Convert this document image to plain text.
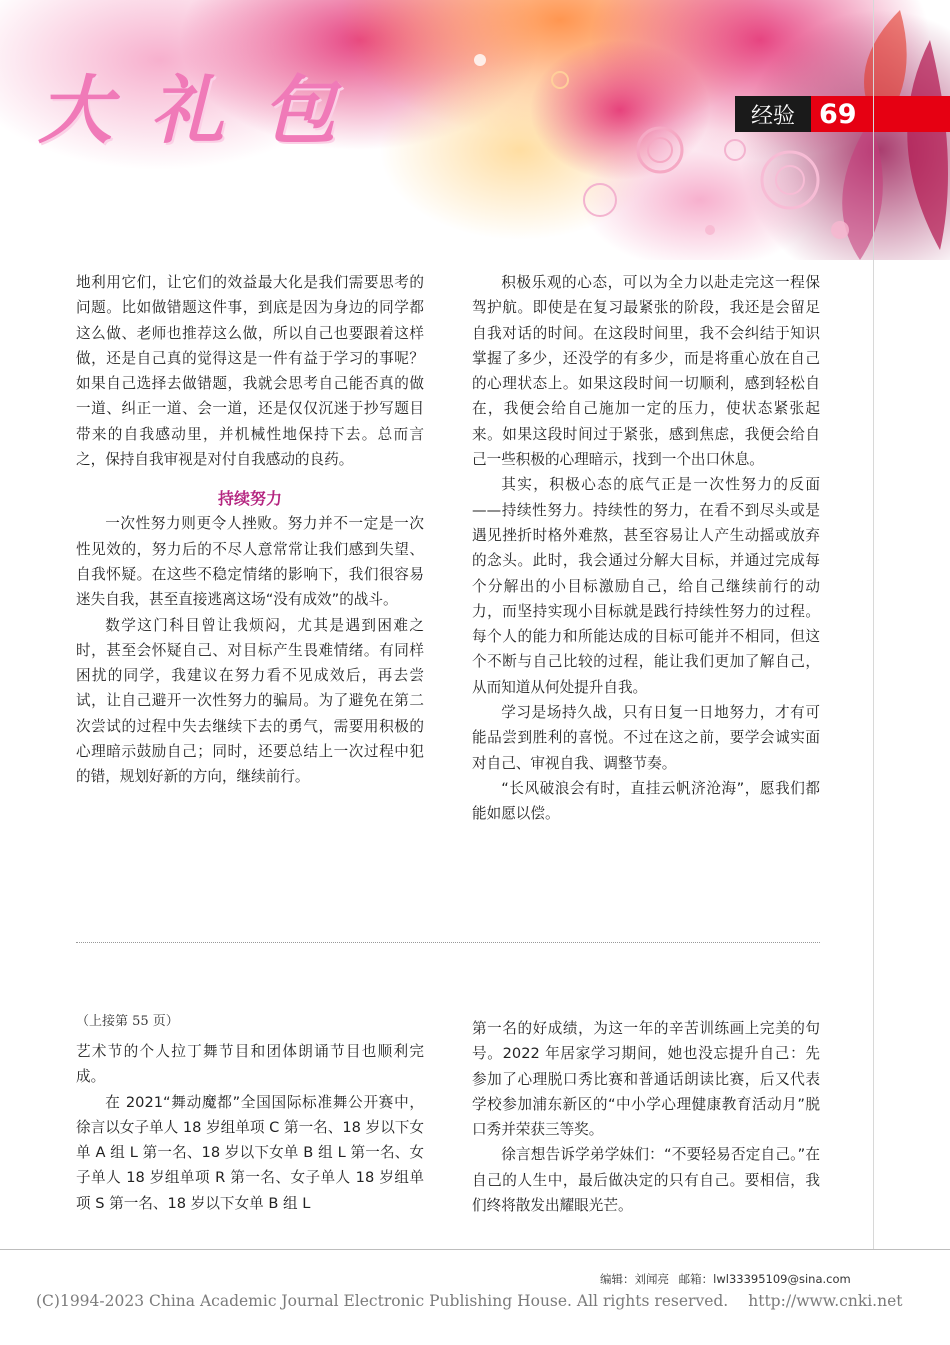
大礼包	经验 69

地利用它们，让它们的效益最大化是我们需要思考的问题。比如做错题这件事，到底是因为身边的同学都这么做、老师也推荐这么做，所以自己也要跟着这样做，还是自己真的觉得这是一件有益于学习的事呢？如果自己选择去做错题，我就会思考自己能否真的做一道、纠正一道、会一道，还是仅仅沉迷于抄写题目带来的自我感动里，并机械性地保持下去。总而言之，保持自我审视是对付自我感动的良药。

持续努力

一次性努力则更令人挫败。努力并不一定是一次性见效的，努力后的不尽人意常常让我们感到失望、自我怀疑。在这些不稳定情绪的影响下，我们很容易迷失自我，甚至直接逃离这场“没有成效”的战斗。

数学这门科目曾让我烦闷，尤其是遇到困难之时，甚至会怀疑自己、对目标产生畏难情绪。有同样困扰的同学，我建议在努力看不见成效后，再去尝试，让自己避开一次性努力的骗局。为了避免在第二次尝试的过程中失去继续下去的勇气，需要用积极的心理暗示鼓励自己；同时，还要总结上一次过程中犯的错，规划好新的方向，继续前行。

积极乐观的心态，可以为全力以赴走完这一程保驾护航。即使是在复习最紧张的阶段，我还是会留足自我对话的时间。在这段时间里，我不会纠结于知识掌握了多少，还没学的有多少，而是将重心放在自己的心理状态上。如果这段时间一切顺利，感到轻松自在，我便会给自己施加一定的压力，使状态紧张起来。如果这段时间过于紧张，感到焦虑，我便会给自己一些积极的心理暗示，找到一个出口休息。

其实，积极心态的底气正是一次性努力的反面——持续性努力。持续性的努力，在看不到尽头或是遇见挫折时格外难熬，甚至容易让人产生动摇或放弃的念头。此时，我会通过分解大目标，并通过完成每个分解出的小目标激励自己，给自己继续前行的动力，而坚持实现小目标就是践行持续性努力的过程。每个人的能力和所能达成的目标可能并不相同，但这个不断与自己比较的过程，能让我们更加了解自己，从而知道从何处提升自我。

学习是场持久战，只有日复一日地努力，才有可能品尝到胜利的喜悦。不过在这之前，要学会诚实面对自己、审视自我、调整节奏。

“长风破浪会有时，直挂云帆济沧海”，愿我们都能如愿以偿。

（上接第 55 页）

艺术节的个人拉丁舞节目和团体朗诵节目也顺利完成。

在 2021“舞动魔都”全国国际标准舞公开赛中，徐言以女子单人 18 岁组单项 C 第一名、18 岁以下女单 A 组 L 第一名、18 岁以下女单 B 组 L 第一名、女子单人 18 岁组单项 R 第一名、女子单人 18 岁组单项 S 第一名、18 岁以下女单 B 组 L

第一名的好成绩，为这一年的辛苦训练画上完美的句号。2022 年居家学习期间，她也没忘提升自己：先参加了心理脱口秀比赛和普通话朗读比赛，后又代表学校参加浦东新区的“中小学心理健康教育活动月”脱口秀并荣获三等奖。

徐言想告诉学弟学妹们：“不要轻易否定自己。”在自己的人生中，最后做决定的只有自己。要相信，我们终将散发出耀眼光芒。

编辑：刘闻亮 邮箱：lwl33395109@sina.com
(C)1994-2023 China Academic Journal Electronic Publishing House. All rights reserved. http://www.cnki.net
